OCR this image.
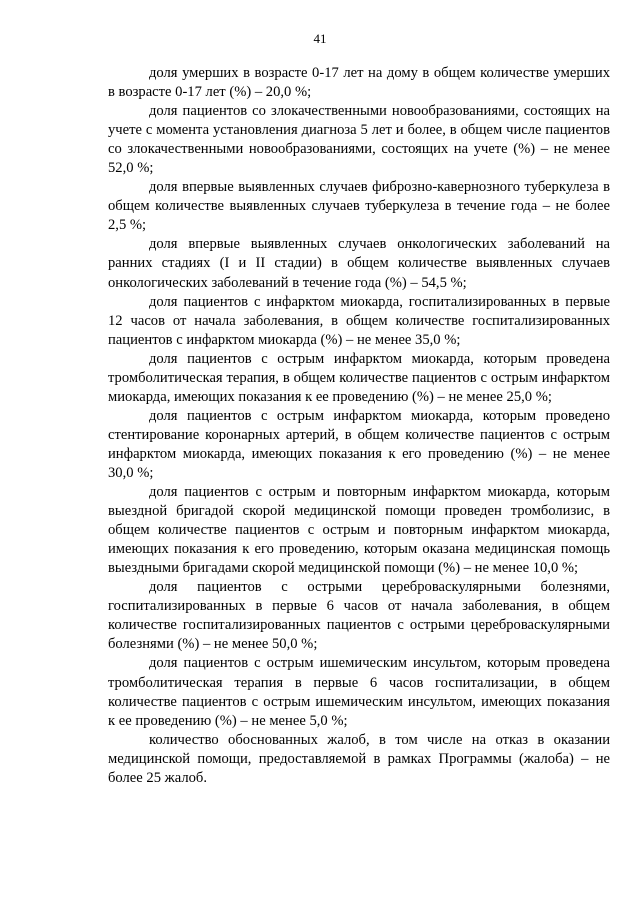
41

доля умерших в возрасте 0-17 лет на дому в общем количестве умерших в возрасте 0-17 лет (%) – 20,0 %;

доля пациентов со злокачественными новообразованиями, состоящих на учете с момента установления диагноза 5 лет и более, в общем числе пациентов со злокачественными новообразованиями, состоящих на учете (%) – не менее 52,0 %;

доля впервые выявленных случаев фиброзно-кавернозного туберкулеза в общем количестве выявленных случаев туберкулеза в течение года – не более 2,5 %;

доля впервые выявленных случаев онкологических заболеваний на ранних стадиях (I и II стадии) в общем количестве выявленных случаев онкологических заболеваний в течение года (%) – 54,5 %;

доля пациентов с инфарктом миокарда, госпитализированных в первые 12 часов от начала заболевания, в общем количестве госпитализированных пациентов с инфарктом миокарда (%) – не менее 35,0 %;

доля пациентов с острым инфарктом миокарда, которым проведена тромболитическая терапия, в общем количестве пациентов с острым инфарктом миокарда, имеющих показания к ее проведению (%) – не менее 25,0 %;

доля пациентов с острым инфарктом миокарда, которым проведено стентирование коронарных артерий, в общем количестве пациентов с острым инфарктом миокарда, имеющих показания к его проведению (%) – не менее 30,0 %;

доля пациентов с острым и повторным инфарктом миокарда, которым выездной бригадой скорой медицинской помощи проведен тромболизис, в общем количестве пациентов с острым и повторным инфарктом миокарда, имеющих показания к его проведению, которым оказана медицинская помощь выездными бригадами скорой медицинской помощи (%) – не менее 10,0 %;

доля пациентов с острыми цереброваскулярными болезнями, госпитализированных в первые 6 часов от начала заболевания, в общем количестве госпитализированных пациентов с острыми цереброваскулярными болезнями (%) – не менее 50,0 %;

доля пациентов с острым ишемическим инсультом, которым проведена тромболитическая терапия в первые 6 часов госпитализации, в общем количестве пациентов с острым ишемическим инсультом, имеющих показания к ее проведению (%) – не менее 5,0 %;

количество обоснованных жалоб, в том числе на отказ в оказании медицинской помощи, предоставляемой в рамках Программы (жалоба) – не более 25 жалоб.
